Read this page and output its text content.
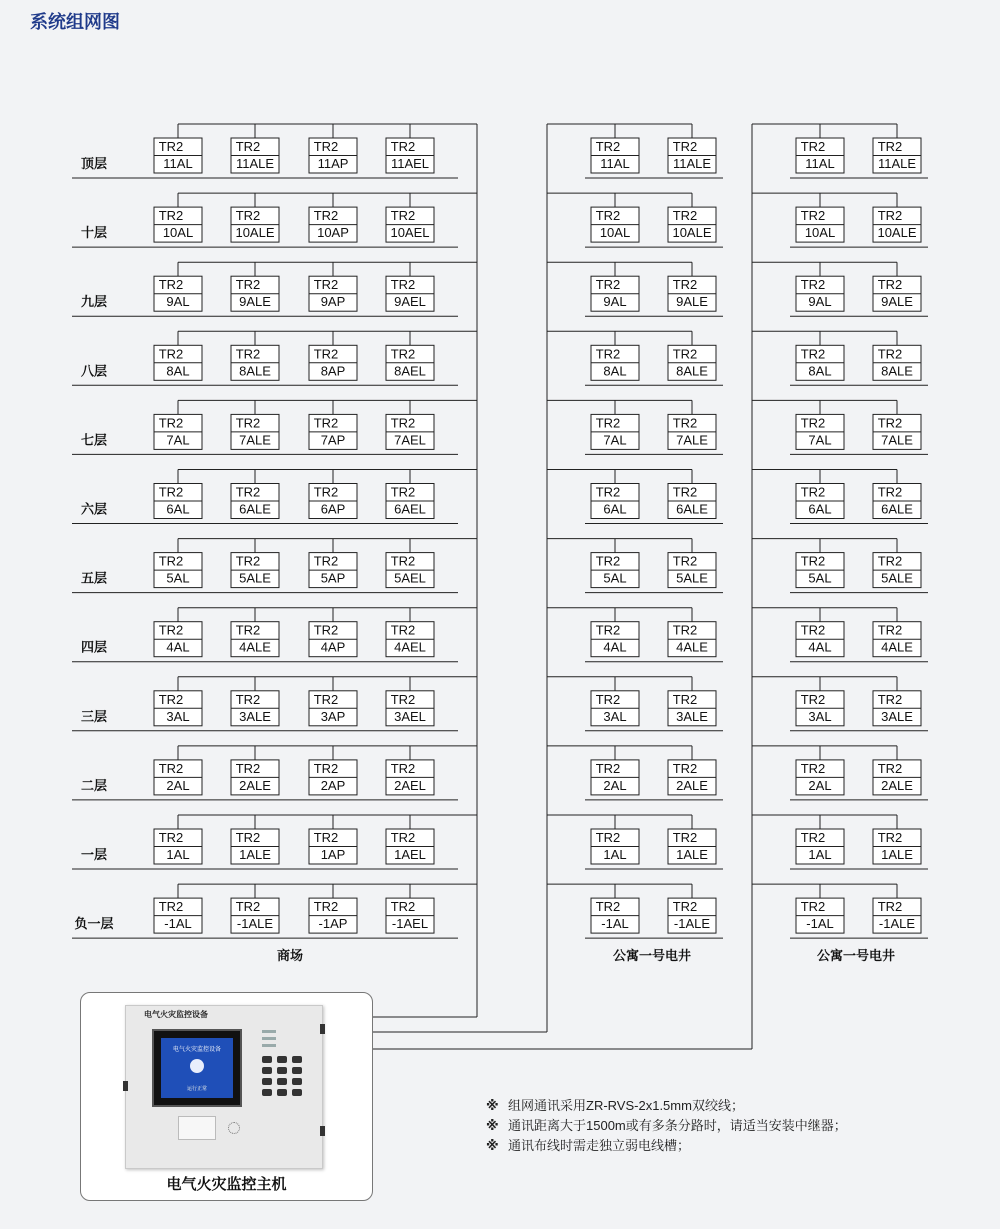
系统组网图
TR2
11AL
TR2
11ALE
TR2
11AP
TR2
11AEL
顶层
TR2
10AL
TR2
10ALE
TR2
10AP
TR2
10AEL
十层
TR2
9AL
TR2
9ALE
TR2
9AP
TR2
9AEL
九层
TR2
8AL
TR2
8ALE
TR2
8AP
TR2
8AEL
八层
TR2
7AL
TR2
7ALE
TR2
7AP
TR2
7AEL
七层
TR2
6AL
TR2
6ALE
TR2
6AP
TR2
6AEL
六层
TR2
5AL
TR2
5ALE
TR2
5AP
TR2
5AEL
五层
TR2
4AL
TR2
4ALE
TR2
4AP
TR2
4AEL
四层
TR2
3AL
TR2
3ALE
TR2
3AP
TR2
3AEL
三层
TR2
2AL
TR2
2ALE
TR2
2AP
TR2
2AEL
二层
TR2
1AL
TR2
1ALE
TR2
1AP
TR2
1AEL
一层
TR2
-1AL
TR2
-1ALE
TR2
-1AP
TR2
-1AEL
负一层
商场
TR2
11AL
TR2
11ALE
TR2
10AL
TR2
10ALE
TR2
9AL
TR2
9ALE
TR2
8AL
TR2
8ALE
TR2
7AL
TR2
7ALE
TR2
6AL
TR2
6ALE
TR2
5AL
TR2
5ALE
TR2
4AL
TR2
4ALE
TR2
3AL
TR2
3ALE
TR2
2AL
TR2
2ALE
TR2
1AL
TR2
1ALE
TR2
-1AL
TR2
-1ALE
公寓一号电井
TR2
11AL
TR2
11ALE
TR2
10AL
TR2
10ALE
TR2
9AL
TR2
9ALE
TR2
8AL
TR2
8ALE
TR2
7AL
TR2
7ALE
TR2
6AL
TR2
6ALE
TR2
5AL
TR2
5ALE
TR2
4AL
TR2
4ALE
TR2
3AL
TR2
3ALE
TR2
2AL
TR2
2ALE
TR2
1AL
TR2
1ALE
TR2
-1AL
TR2
-1ALE
公寓一号电井
电气火灾监控设备
电气火灾监控设备
运行正常
电气火灾监控主机
※ 组网通讯采用ZR-RVS-2x1.5mm双绞线；
※ 通讯距离大于1500m或有多条分路时，请适当安装中继器；
※ 通讯布线时需走独立弱电线槽；
